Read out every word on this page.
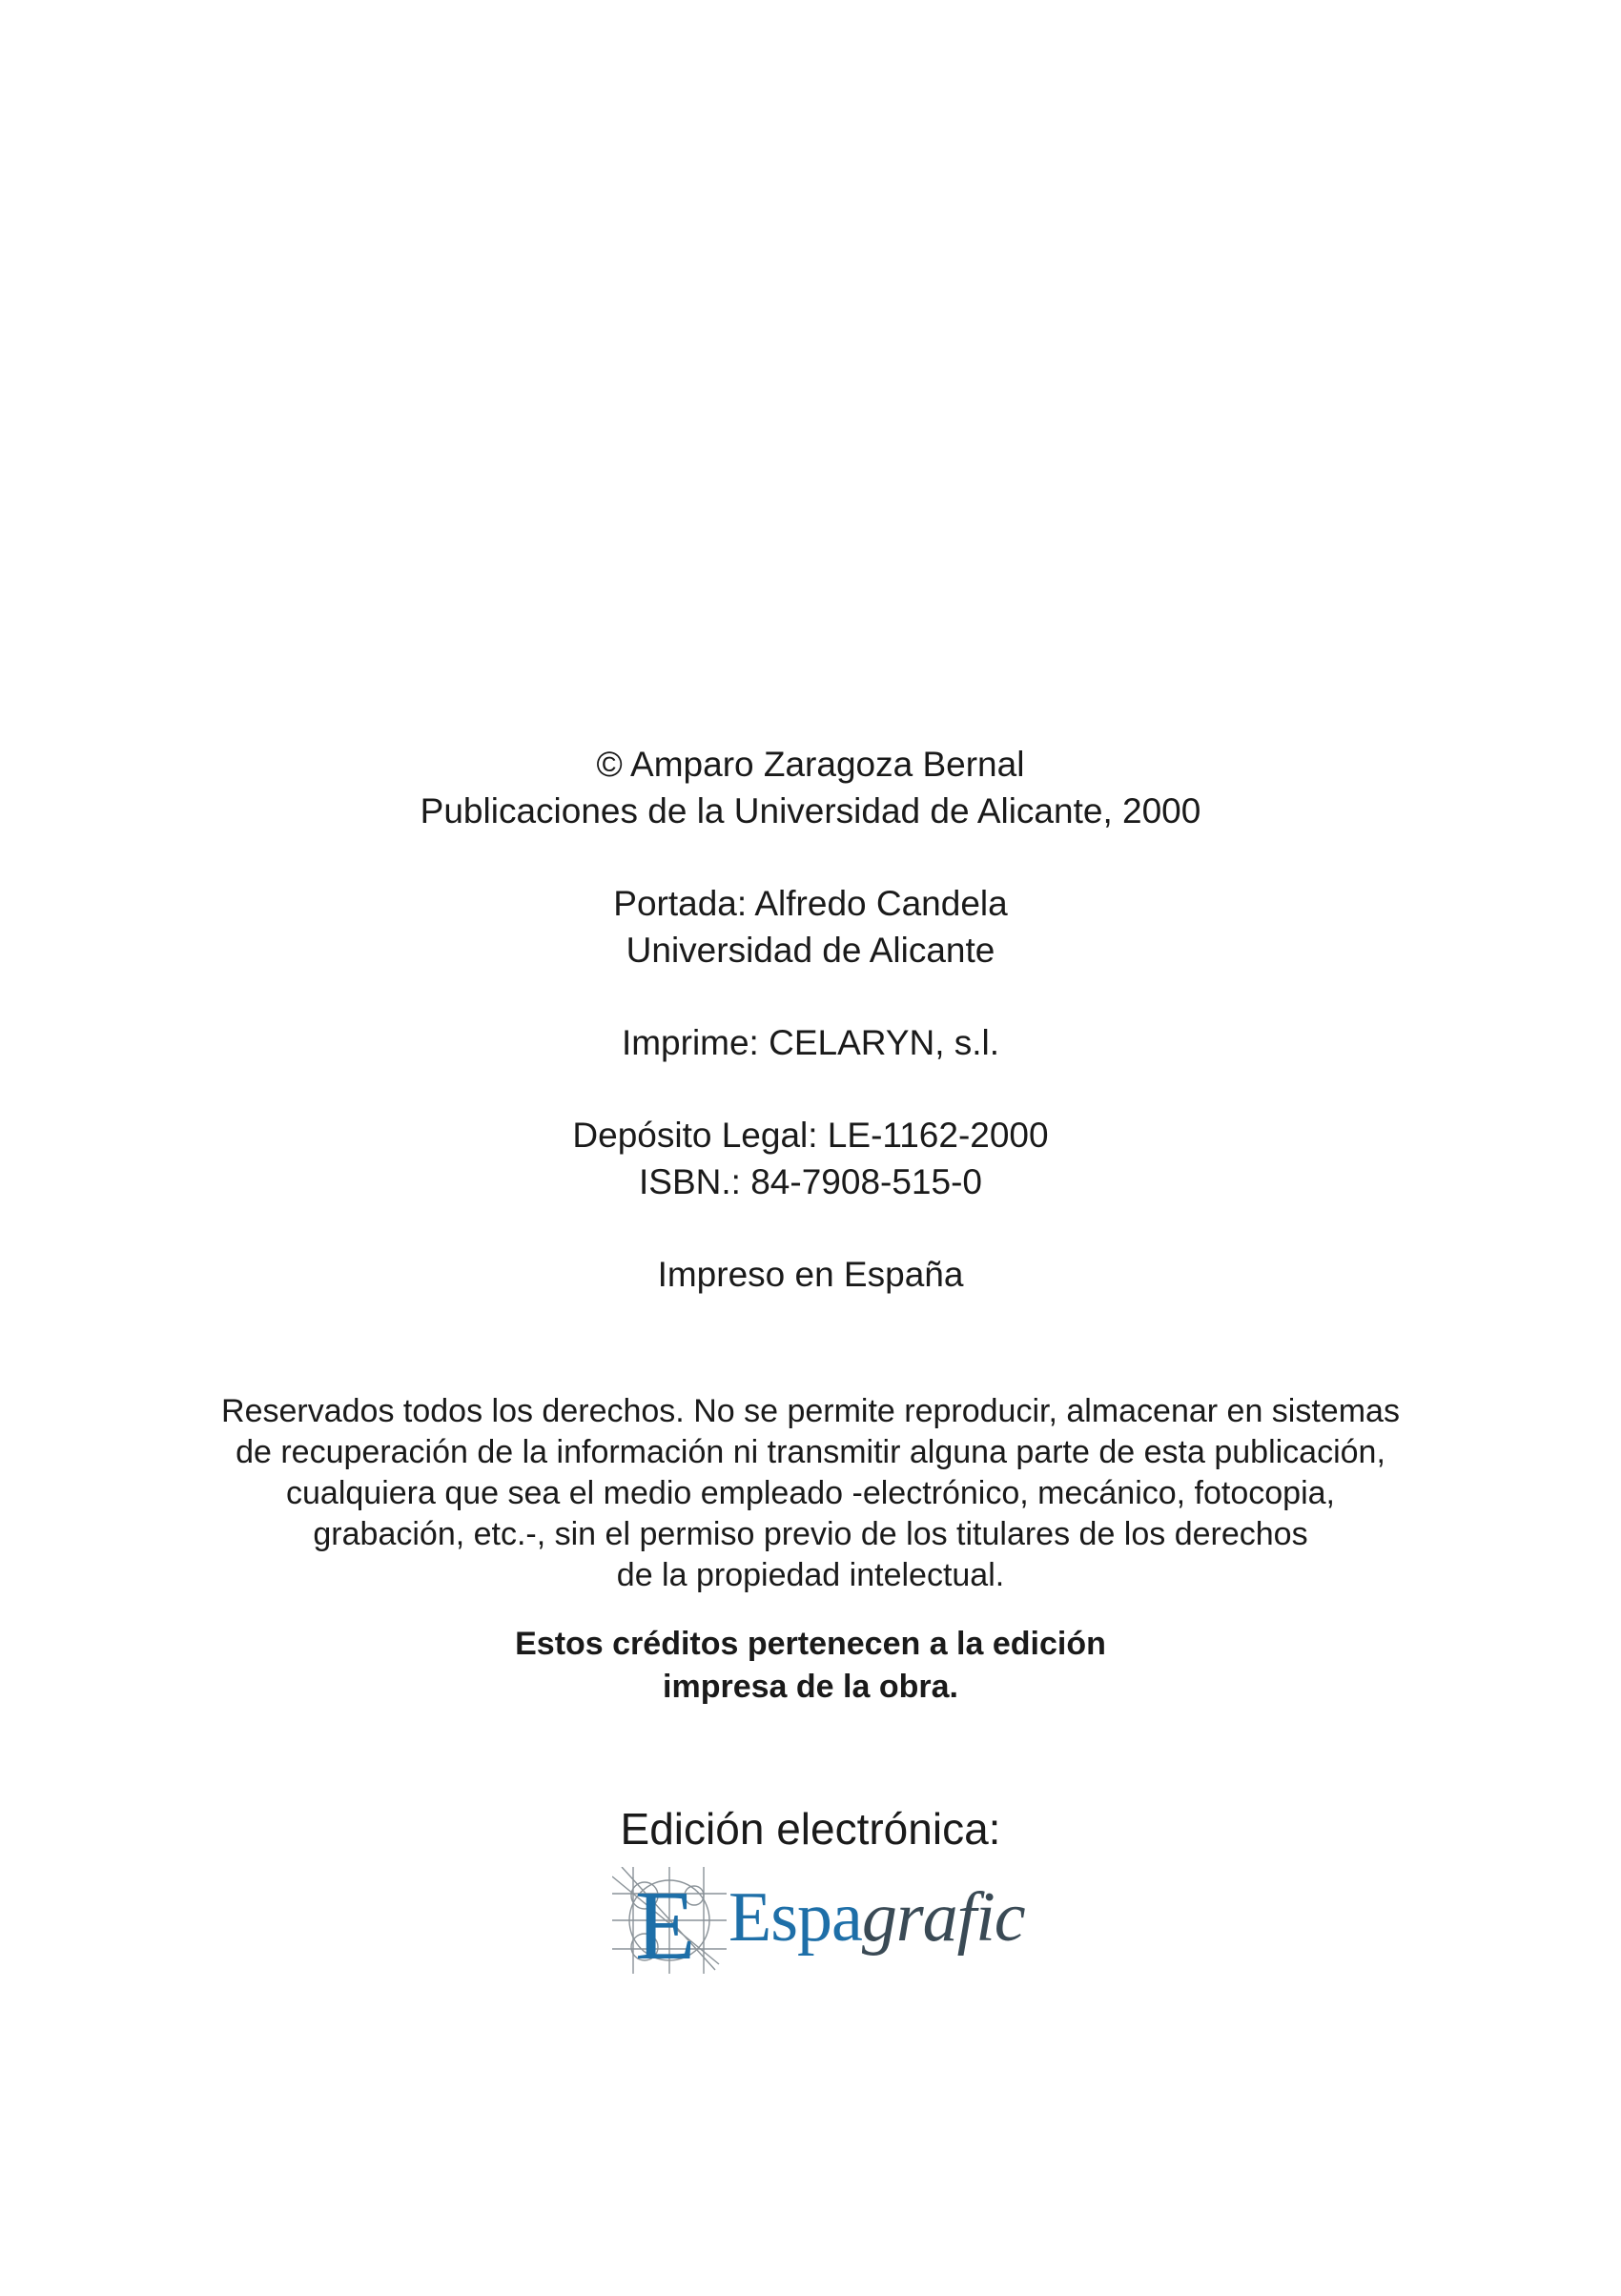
© Amparo Zaragoza Bernal
Publicaciones de la Universidad de Alicante, 2000
Portada: Alfredo Candela
Universidad de Alicante
Imprime: CELARYN, s.l.
Depósito Legal: LE-1162-2000
ISBN.: 84-7908-515-0
Impreso en España
Reservados todos los derechos. No se permite reproducir, almacenar en sistemas
de recuperación de la información ni transmitir alguna parte de esta publicación,
cualquiera que sea el medio empleado -electrónico, mecánico, fotocopia,
grabación, etc.-, sin el permiso previo de los titulares de los derechos
de la propiedad intelectual.
Estos créditos pertenecen a la edición
impresa de la obra.
Edición electrónica:
E Espagrafic
